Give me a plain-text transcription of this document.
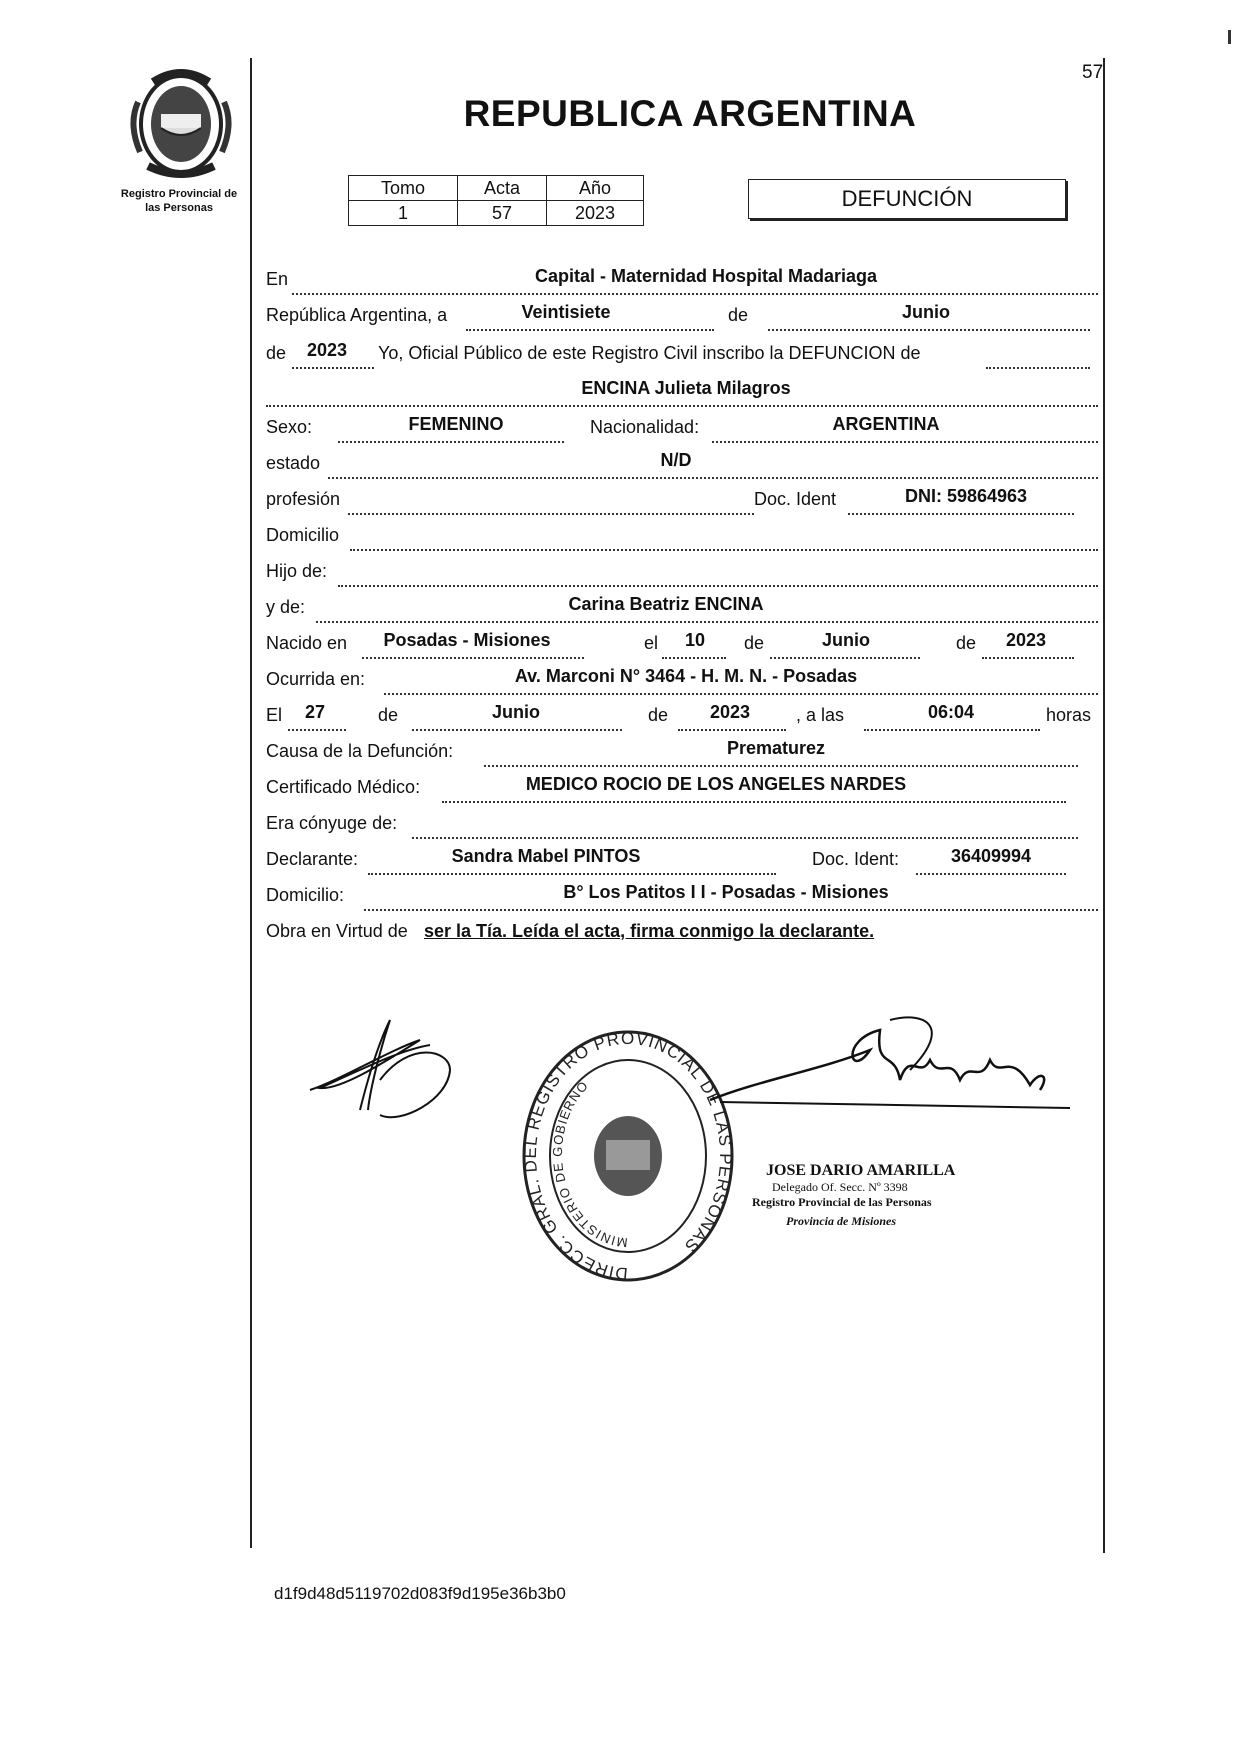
57
Registro Provincial de
las Personas
REPUBLICA ARGENTINA
Tomo	Acta	Año
1	57	2023
DEFUNCIÓN
En	Capital - Maternidad Hospital Madariaga
República Argentina, a	Veintisiete	de	Junio
de	2023	Yo, Oficial Público de este Registro Civil inscribo la DEFUNCION de
ENCINA Julieta Milagros
Sexo:	FEMENINO	Nacionalidad:	ARGENTINA
estado	N/D
profesión	Doc. Ident	DNI: 59864963
Domicilio
Hijo de:
y de:	Carina Beatriz ENCINA
Nacido en	Posadas - Misiones	el	10	de	Junio	de	2023
Ocurrida en:	Av. Marconi N° 3464 - H. M. N. - Posadas
El	27	de	Junio	de	2023	, a las	06:04	horas
Causa de la Defunción:	Prematurez
Certificado Médico:	MEDICO ROCIO DE LOS ANGELES NARDES
Era cónyuge de:
Declarante:	Sandra Mabel PINTOS	Doc. Ident:	36409994
Domicilio:	B° Los Patitos I I - Posadas - Misiones
Obra en Virtud de ser la Tía. Leída el acta, firma conmigo la declarante.
DIRECC. GRAL. DEL REGISTRO PROVINCIAL DE LAS PERSONAS
MINISTERIO DE GOBIERNO
JOSE DARIO AMARILLA
Delegado Of. Secc. Nº 3398
Registro Provincial de las Personas
Provincia de Misiones
d1f9d48d5119702d083f9d195e36b3b0
